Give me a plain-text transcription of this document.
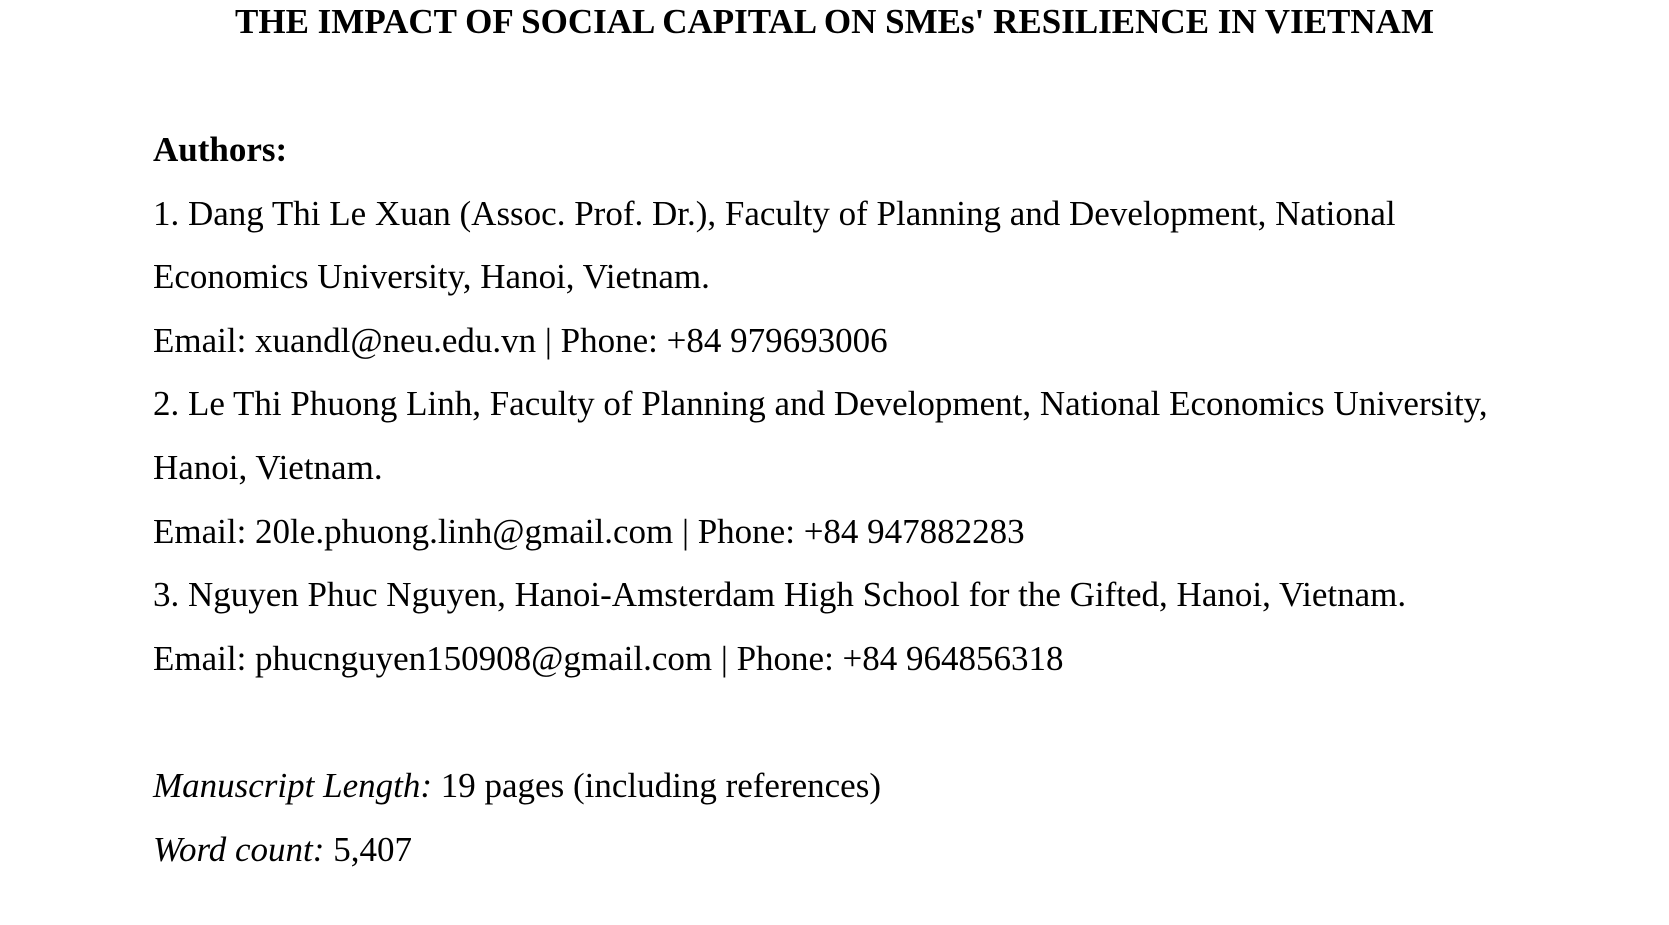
THE IMPACT OF SOCIAL CAPITAL ON SMEs' RESILIENCE IN VIETNAM
Authors:
1. Dang Thi Le Xuan (Assoc. Prof. Dr.), Faculty of Planning and Development, National
Economics University, Hanoi, Vietnam.
Email: xuandl@neu.edu.vn | Phone: +84 979693006
2. Le Thi Phuong Linh, Faculty of Planning and Development, National Economics University,
Hanoi, Vietnam.
Email: 20le.phuong.linh@gmail.com | Phone: +84 947882283
3. Nguyen Phuc Nguyen, Hanoi-Amsterdam High School for the Gifted, Hanoi, Vietnam.
Email: phucnguyen150908@gmail.com | Phone: +84 964856318
Manuscript Length: 19 pages (including references)
Word count: 5,407
